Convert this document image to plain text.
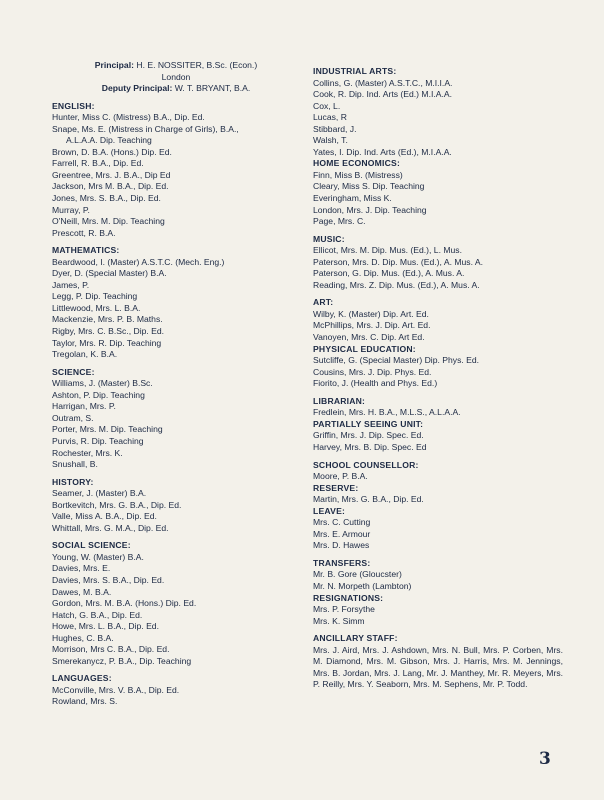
Principal: H. E. NOSSITER, B.Sc. (Econ.)
London
Deputy Principal: W. T. BRYANT, B.A.
ENGLISH:
Hunter, Miss C. (Mistress) B.A., Dip. Ed.
Snape, Ms. E. (Mistress in Charge of Girls), B.A.,
A.L.A.A. Dip. Teaching
Brown, D. B.A. (Hons.) Dip. Ed.
Farrell, R. B.A., Dip. Ed.
Greentree, Mrs. J. B.A., Dip Ed
Jackson, Mrs M. B.A., Dip. Ed.
Jones, Mrs. S. B.A., Dip. Ed.
Murray, P.
O'Neill, Mrs. M. Dip. Teaching
Prescott, R. B.A.
MATHEMATICS:
Beardwood, I. (Master) A.S.T.C. (Mech. Eng.)
Dyer, D. (Special Master) B.A.
James, P.
Legg, P. Dip. Teaching
Littlewood, Mrs. L. B.A.
Mackenzie, Mrs. P. B. Maths.
Rigby, Mrs. C. B.Sc., Dip. Ed.
Taylor, Mrs. R. Dip. Teaching
Tregolan, K. B.A.
SCIENCE:
Williams, J. (Master) B.Sc.
Ashton, P. Dip. Teaching
Harrigan, Mrs. P.
Outram, S.
Porter, Mrs. M. Dip. Teaching
Purvis, R. Dip. Teaching
Rochester, Mrs. K.
Snushall, B.
HISTORY:
Seamer, J. (Master) B.A.
Bortkevitch, Mrs. G. B.A., Dip. Ed.
Valle, Miss A. B.A., Dip. Ed.
Whittall, Mrs. G. M.A., Dip. Ed.
SOCIAL SCIENCE:
Young, W. (Master) B.A.
Davies, Mrs. E.
Davies, Mrs. S. B.A., Dip. Ed.
Dawes, M. B.A.
Gordon, Mrs. M. B.A. (Hons.) Dip. Ed.
Hatch, G. B.A., Dip. Ed.
Howe, Mrs. L. B.A., Dip. Ed.
Hughes, C. B.A.
Morrison, Mrs C. B.A., Dip. Ed.
Smerekanycz, P. B.A., Dip. Teaching
LANGUAGES:
McConville, Mrs. V. B.A., Dip. Ed.
Rowland, Mrs. S.
INDUSTRIAL ARTS:
Collins, G. (Master) A.S.T.C., M.I.I.A.
Cook, R. Dip. Ind. Arts (Ed.) M.I.A.A.
Cox, L.
Lucas, R
Stibbard, J.
Walsh, T.
Yates, I. Dip. Ind. Arts (Ed.), M.I.A.A.
HOME ECONOMICS:
Finn, Miss B. (Mistress)
Cleary, Miss S. Dip. Teaching
Everingham, Miss K.
London, Mrs. J. Dip. Teaching
Page, Mrs. C.
MUSIC:
Ellicot, Mrs. M. Dip. Mus. (Ed.), L. Mus.
Paterson, Mrs. D. Dip. Mus. (Ed.), A. Mus. A.
Paterson, G. Dip. Mus. (Ed.), A. Mus. A.
Reading, Mrs. Z. Dip. Mus. (Ed.), A. Mus. A.
ART:
Wilby, K. (Master) Dip. Art. Ed.
McPhillips, Mrs. J. Dip. Art. Ed.
Vanoyen, Mrs. C. Dip. Art Ed.
PHYSICAL EDUCATION:
Sutcliffe, G. (Special Master) Dip. Phys. Ed.
Cousins, Mrs. J. Dip. Phys. Ed.
Fiorito, J. (Health and Phys. Ed.)
LIBRARIAN:
Fredlein, Mrs. H. B.A., M.L.S., A.L.A.A.
PARTIALLY SEEING UNIT:
Griffin, Mrs. J. Dip. Spec. Ed.
Harvey, Mrs. B. Dip. Spec. Ed
SCHOOL COUNSELLOR:
Moore, P. B.A.
RESERVE:
Martin, Mrs. G. B.A., Dip. Ed.
LEAVE:
Mrs. C. Cutting
Mrs. E. Armour
Mrs. D. Hawes
TRANSFERS:
Mr. B. Gore (Gloucster)
Mr. N. Morpeth (Lambton)
RESIGNATIONS:
Mrs. P. Forsythe
Mrs. K. Simm
ANCILLARY STAFF:
Mrs. J. Aird, Mrs. J. Ashdown, Mrs. N. Bull, Mrs. P. Corben, Mrs. M. Diamond, Mrs. M. Gibson, Mrs. J. Harris, Mrs. M. Jennings, Mrs. B. Jordan, Mrs. J. Lang, Mr. J. Manthey, Mr. R. Meyers, Mrs. P. Reilly, Mrs. Y. Seaborn, Mrs. M. Sephens, Mr. P. Todd.
3
